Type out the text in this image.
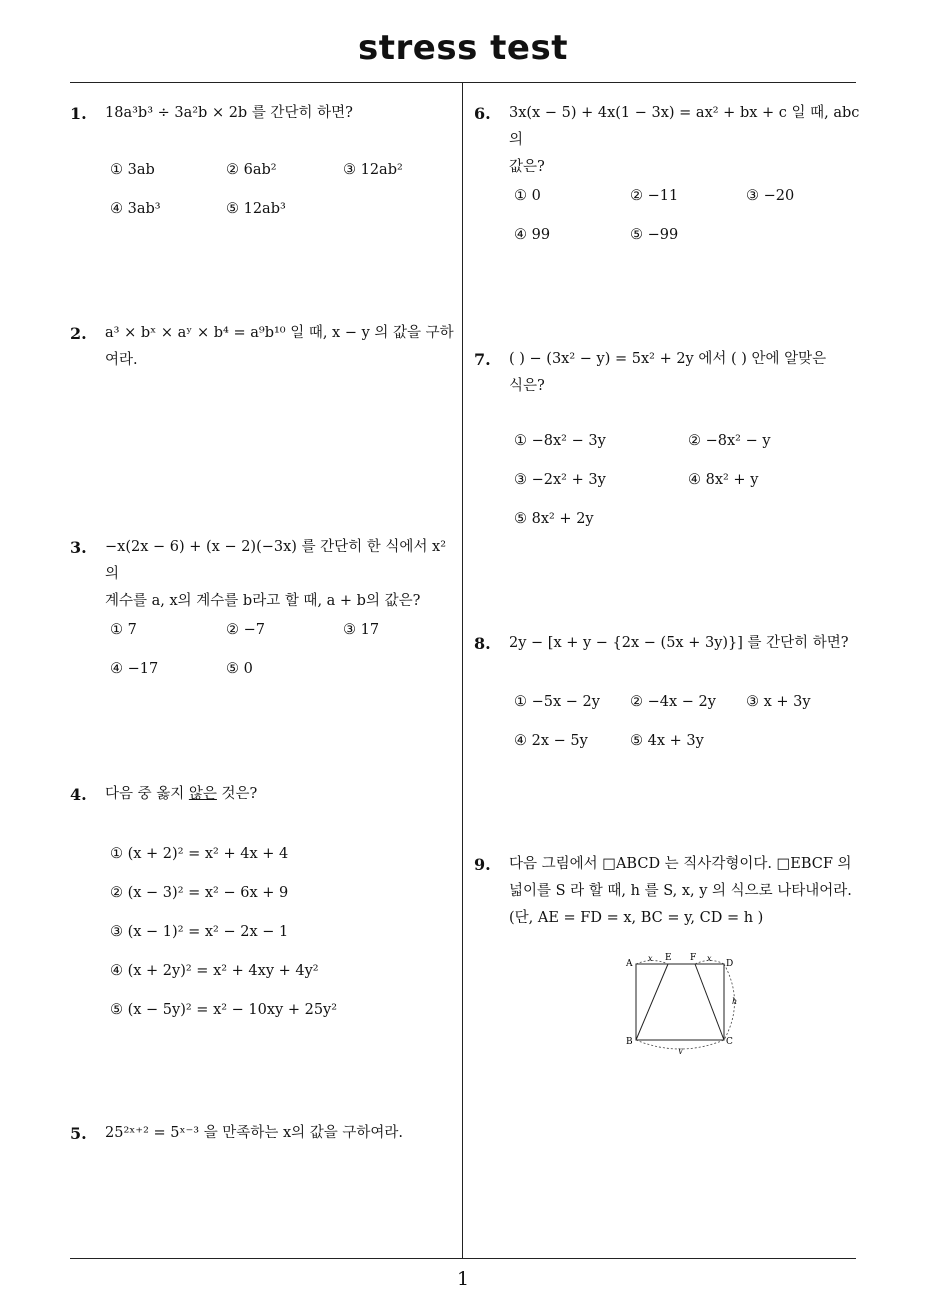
stress test
1
1. 18a³b³ ÷ 3a²b × 2b 를 간단히 하면?
① 3ab	② 6ab²	③ 12ab²
④ 3ab³	⑤ 12ab³
2. a³ × bˣ × aʸ × b⁴ = a⁹b¹⁰ 일 때, x − y 의 값을 구하
여라.
3. −x(2x − 6) + (x − 2)(−3x) 를 간단히 한 식에서 x² 의
계수를 a, x의 계수를 b라고 할 때, a + b의 값은?
① 7	② −7	③ 17
④ −17	⑤ 0
4. 다음 중 옳지 않은 것은?
① (x + 2)² = x² + 4x + 4
② (x − 3)² = x² − 6x + 9
③ (x − 1)² = x² − 2x − 1
④ (x + 2y)² = x² + 4xy + 4y²
⑤ (x − 5y)² = x² − 10xy + 25y²
5. 25²ˣ⁺² = 5ˣ⁻³ 을 만족하는 x의 값을 구하여라.
6. 3x(x − 5) + 4x(1 − 3x) = ax² + bx + c 일 때, abc 의
값은?
① 0	② −11	③ −20
④ 99	⑤ −99
7. ( ) − (3x² − y) = 5x² + 2y 에서 ( ) 안에 알맞은
식은?
① −8x² − 3y	② −8x² − y
③ −2x² + 3y	④ 8x² + y
⑤ 8x² + 2y
8. 2y − [x + y − {2x − (5x + 3y)}] 를 간단히 하면?
① −5x − 2y ② −4x − 2y ③ x + 3y
④ 2x − 5y	⑤ 4x + 3y
9. 다음 그림에서 □ABCD 는 직사각형이다. □EBCF 의
넓이를 S 라 할 때, h 를 S, x, y 의 식으로 나타내어라.
(단, AE = FD = x, BC = y, CD = h )
A
E F
D
B	C
x	x
y
h
